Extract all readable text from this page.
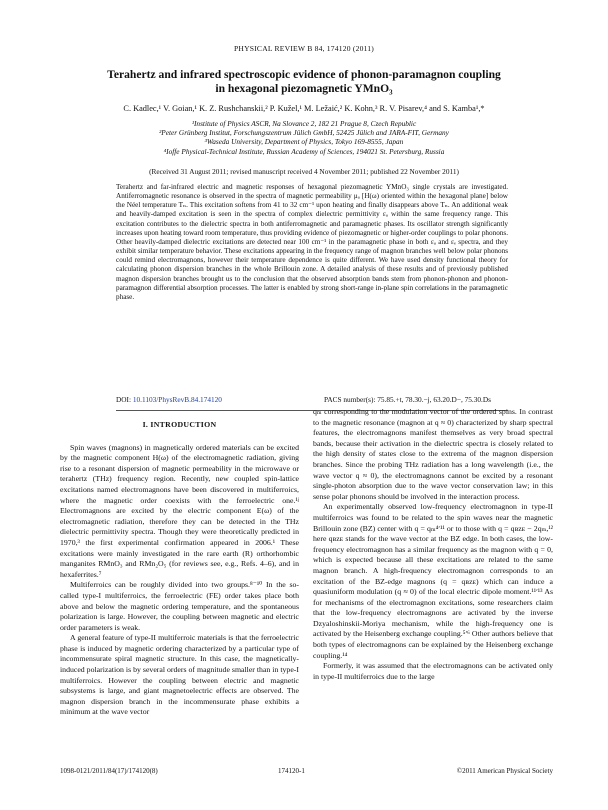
PHYSICAL REVIEW B 84, 174120 (2011)
Terahertz and infrared spectroscopic evidence of phonon-paramagnon coupling
in hexagonal piezomagnetic YMnO₃
C. Kadlec,¹ V. Goian,¹ K. Z. Rushchanskii,² P. Kužel,¹ M. Ležaić,² K. Kohn,³ R. V. Pisarev,⁴ and S. Kamba¹,*
¹Institute of Physics ASCR, Na Slovance 2, 182 21 Prague 8, Czech Republic
²Peter Grünberg Institut, Forschungszentrum Jülich GmbH, 52425 Jülich and JARA-FIT, Germany
³Waseda University, Department of Physics, Tokyo 169-8555, Japan
⁴Ioffe Physical-Technical Institute, Russian Academy of Sciences, 194021 St. Petersburg, Russia
(Received 31 August 2011; revised manuscript received 4 November 2011; published 22 November 2011)
Terahertz and far-infrared electric and magnetic responses of hexagonal piezomagnetic YMnO₃ single crystals are investigated. Antiferromagnetic resonance is observed in the spectra of magnetic permeability μₐ [H(ω) oriented within the hexagonal plane] below the Néel temperature Tₙ. This excitation softens from 41 to 32 cm⁻¹ upon heating and finally disappears above Tₙ. An additional weak and heavily-damped excitation is seen in the spectra of complex dielectric permittivity εₐ within the same frequency range. This excitation contributes to the dielectric spectra in both antiferromagnetic and paramagnetic phases. Its oscillator strength significantly increases upon heating toward room temperature, thus providing evidence of piezomagnetic or higher-order couplings to polar phonons. Other heavily-damped dielectric excitations are detected near 100 cm⁻¹ in the paramagnetic phase in both εₐ and εₑ spectra, and they exhibit similar temperature behavior. These excitations appearing in the frequency range of magnon branches well below polar phonons could remind electromagnons, however their temperature dependence is quite different. We have used density functional theory for calculating phonon dispersion branches in the whole Brillouin zone. A detailed analysis of these results and of previously published magnon dispersion branches brought us to the conclusion that the observed absorption bands stem from phonon-phonon and phonon-paramagnon differential absorption processes. The latter is enabled by strong short-range in-plane spin correlations in the paramagnetic phase.
DOI: 10.1103/PhysRevB.84.174120	PACS number(s): 75.85.+t, 78.30.−j, 63.20.D−, 75.30.Ds
I. INTRODUCTION

Spin waves (magnons) in magnetically ordered materials can be excited by the magnetic component H(ω) of the electromagnetic radiation, giving rise to a resonant dispersion of magnetic permeability in the microwave or terahertz (THz) frequency region. Recently, new coupled spin-lattice excitations named electromagnons have been discovered in multiferroics, where the magnetic order coexists with the ferroelectric one.¹ʲ Electromagnons are excited by the electric component E(ω) of the electromagnetic radiation, therefore they can be detected in the THz dielectric permittivity spectra. Though they were theoretically predicted in 1970,³ the first experimental confirmation appeared in 2006.¹ These excitations were mainly investigated in the rare earth (R) orthorhombic manganites RMnO₃ and RMn₂O₅ (for reviews see, e.g., Refs. 4–6), and in hexaferrites.⁷

Multiferroics can be roughly divided into two groups.⁸⁻¹⁰ In the so-called type-I multiferroics, the ferroelectric (FE) order takes place both above and below the magnetic ordering temperature, and the spontaneous polarization is large. However, the coupling between magnetic and electric order parameters is weak.

A general feature of type-II multiferroic materials is that the ferroelectric phase is induced by magnetic ordering characterized by a particular type of incommensurate spiral magnetic structure. In this case, the magnetically-induced polarization is by several orders of magnitude smaller than in type-I multiferroics. However the coupling between electric and magnetic subsystems is large, and giant magnetoelectric effects are observed. The magnon dispersion branch in the incommensurate phase exhibits a minimum at the wave vector

qₘ corresponding to the modulation vector of the ordered spins. In contrast to the magnetic resonance (magnon at q ≈ 0) characterized by sharp spectral features, the electromagnons manifest themselves as very broad spectral bands, because their activation in the dielectric spectra is closely related to the high density of states close to the extrema of the magnon dispersion branches. Since the probing THz radiation has a long wavelength (i.e., the wave vector q ≈ 0), the electromagnons cannot be excited by a resonant single-photon absorption due to the wave vector conservation law; in this sense polar phonons should be involved in the interaction process.

An experimentally observed low-frequency electromagnon in type-II multiferroics was found to be related to the spin waves near the magnetic Brillouin zone (BZ) center with q = qₘ⁴ʹ¹¹ or to those with q = qʙᴢᴇ − 2qₘ,¹² here qʙᴢᴇ stands for the wave vector at the BZ edge. In both cases, the low-frequency electromagnon has a similar frequency as the magnon with q = 0, which is expected because all these excitations are related to the same magnon branch. A high-frequency electromagnon corresponds to an excitation of the BZ-edge magnons (q = qʙᴢᴇ) which can induce a quasiuniform modulation (q ≈ 0) of the local electric dipole moment.¹¹ʹ¹³ As for mechanisms of the electromagnon excitations, some researchers claim that the low-frequency electromagnons are activated by the inverse Dzyaloshinskii-Moriya mechanism, while the high-frequency one is activated by the Heisenberg exchange coupling.⁵ʹ⁶ Other authors believe that both types of electromagnons can be explained by the Heisenberg exchange coupling.¹⁴

Formerly, it was assumed that the electromagnons can be activated only in type-II multiferroics due to the large

1098-0121/2011/84(17)/174120(8)	174120-1	©2011 American Physical Society
